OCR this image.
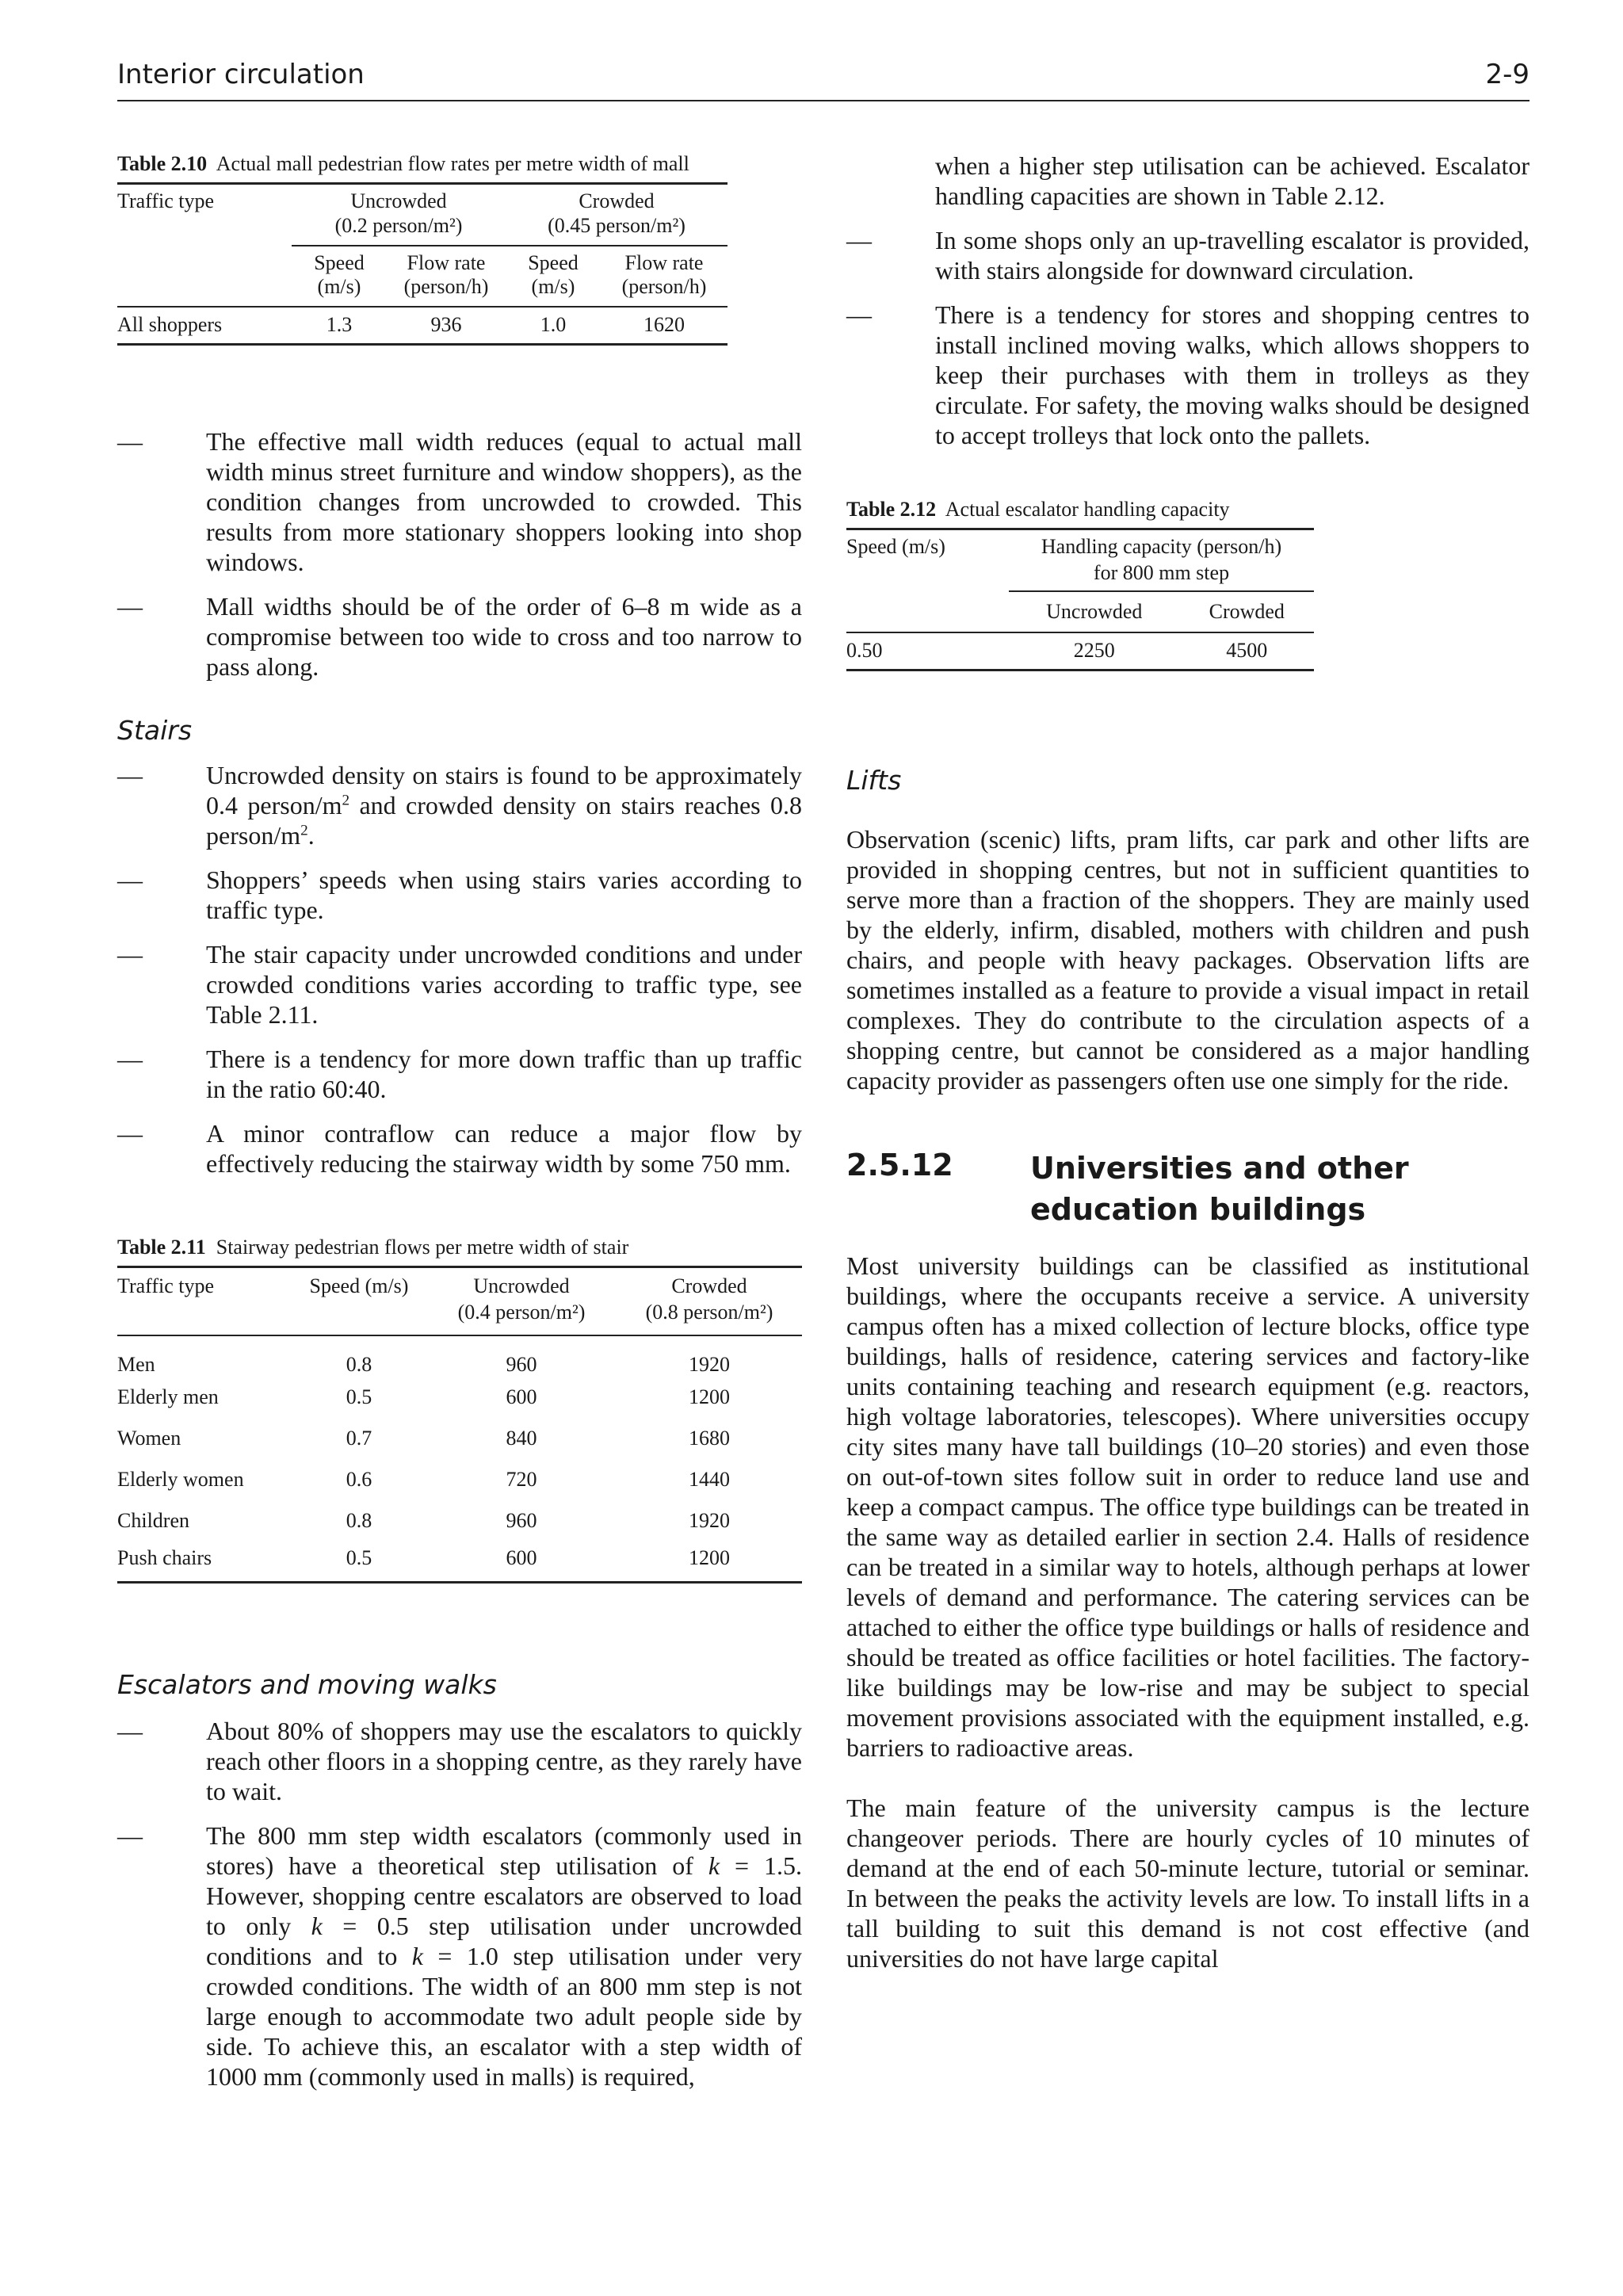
Interior circulation	2-9
Table 2.10 Actual mall pedestrian flow rates per metre width of mall
Traffic type	Uncrowded		Crowded	
	(0.2 person/m²)		(0.45 person/m²)	
	Speed	Flow rate	Speed	Flow rate
	(m/s)	(person/h)	(m/s)	(person/h)
All shoppers	1.3	936	1.0	1620
—	The effective mall width reduces (equal to actual mall width minus street furniture and window shoppers), as the condition changes from uncrowded to crowded. This results from more stationary shoppers looking into shop windows.
—	Mall widths should be of the order of 6–8 m wide as a compromise between too wide to cross and too narrow to pass along.
Stairs
—	Uncrowded density on stairs is found to be approximately 0.4 person/$m^2$ and crowded density on stairs reaches 0.8 person/$m^2$.
—	Shoppers’ speeds when using stairs varies according to traffic type.
—	The stair capacity under uncrowded conditions and under crowded conditions varies according to traffic type, see Table 2.11.
—	There is a tendency for more down traffic than up traffic in the ratio 60:40.
—	A minor contraflow can reduce a major flow by effectively reducing the stairway width by some 750 mm.
Table 2.11 Stairway pedestrian flows per metre width of stair
Traffic type	Speed (m/s)	Uncrowded	Crowded
		(0.4 person/m²)	(0.8 person/m²)
Men	0.8	960	1920
Elderly men	0.5	600	1200
Women	0.7	840	1680
Elderly women	0.6	720	1440
Children	0.8	960	1920
Push chairs	0.5	600	1200
Escalators and moving walks
—	About 80% of shoppers may use the escalators to quickly reach other floors in a shopping centre, as they rarely have to wait.
—	The 800 mm step width escalators (commonly used in stores) have a theoretical step utilisation of k = 1.5. However, shopping centre escalators are observed to load to only k = 0.5 step utilisation under uncrowded conditions and to k = 1.0 step utilisation under very crowded conditions. The width of an 800 mm step is not large enough to accommodate two adult people side by side. To achieve this, an escalator with a step width of 1000 mm (commonly used in malls) is required,
when a higher step utilisation can be achieved. Escalator handling capacities are shown in Table 2.12.
—	In some shops only an up-travelling escalator is provided, with stairs alongside for downward circulation.
—	There is a tendency for stores and shopping centres to install inclined moving walks, which allows shoppers to keep their purchases with them in trolleys as they circulate. For safety, the moving walks should be designed to accept trolleys that lock onto the pallets.
Table 2.12 Actual escalator handling capacity
Speed (m/s)	Handling capacity (person/h)	
	for 800 mm step	
	Uncrowded	Crowded
0.50	2250	4500
Lifts
Observation (scenic) lifts, pram lifts, car park and other lifts are provided in shopping centres, but not in sufficient quantities to serve more than a fraction of the shoppers. They are mainly used by the elderly, infirm, disabled, mothers with children and push chairs, and people with heavy packages. Observation lifts are sometimes installed as a feature to provide a visual impact in retail complexes. They do contribute to the circulation aspects of a shopping centre, but cannot be considered as a major handling capacity provider as passengers often use one simply for the ride.
2.5.12	Universities and other education buildings
Most university buildings can be classified as institutional buildings, where the occupants receive a service. A university campus often has a mixed collection of lecture blocks, office type buildings, halls of residence, catering services and factory-like units containing teaching and research equipment (e.g. reactors, high voltage laboratories, telescopes). Where universities occupy city sites many have tall buildings (10–20 stories) and even those on out-of-town sites follow suit in order to reduce land use and keep a compact campus. The office type buildings can be treated in the same way as detailed earlier in section 2.4. Halls of residence can be treated in a similar way to hotels, although perhaps at lower levels of demand and performance. The catering services can be attached to either the office type buildings or halls of residence and should be treated as office facilities or hotel facilities. The factory-like buildings may be low-rise and may be subject to special movement provisions associated with the equipment installed, e.g. barriers to radioactive areas.
The main feature of the university campus is the lecture changeover periods. There are hourly cycles of 10 minutes of demand at the end of each 50-minute lecture, tutorial or seminar. In between the peaks the activity levels are low. To install lifts in a tall building to suit this demand is not cost effective (and universities do not have large capital
